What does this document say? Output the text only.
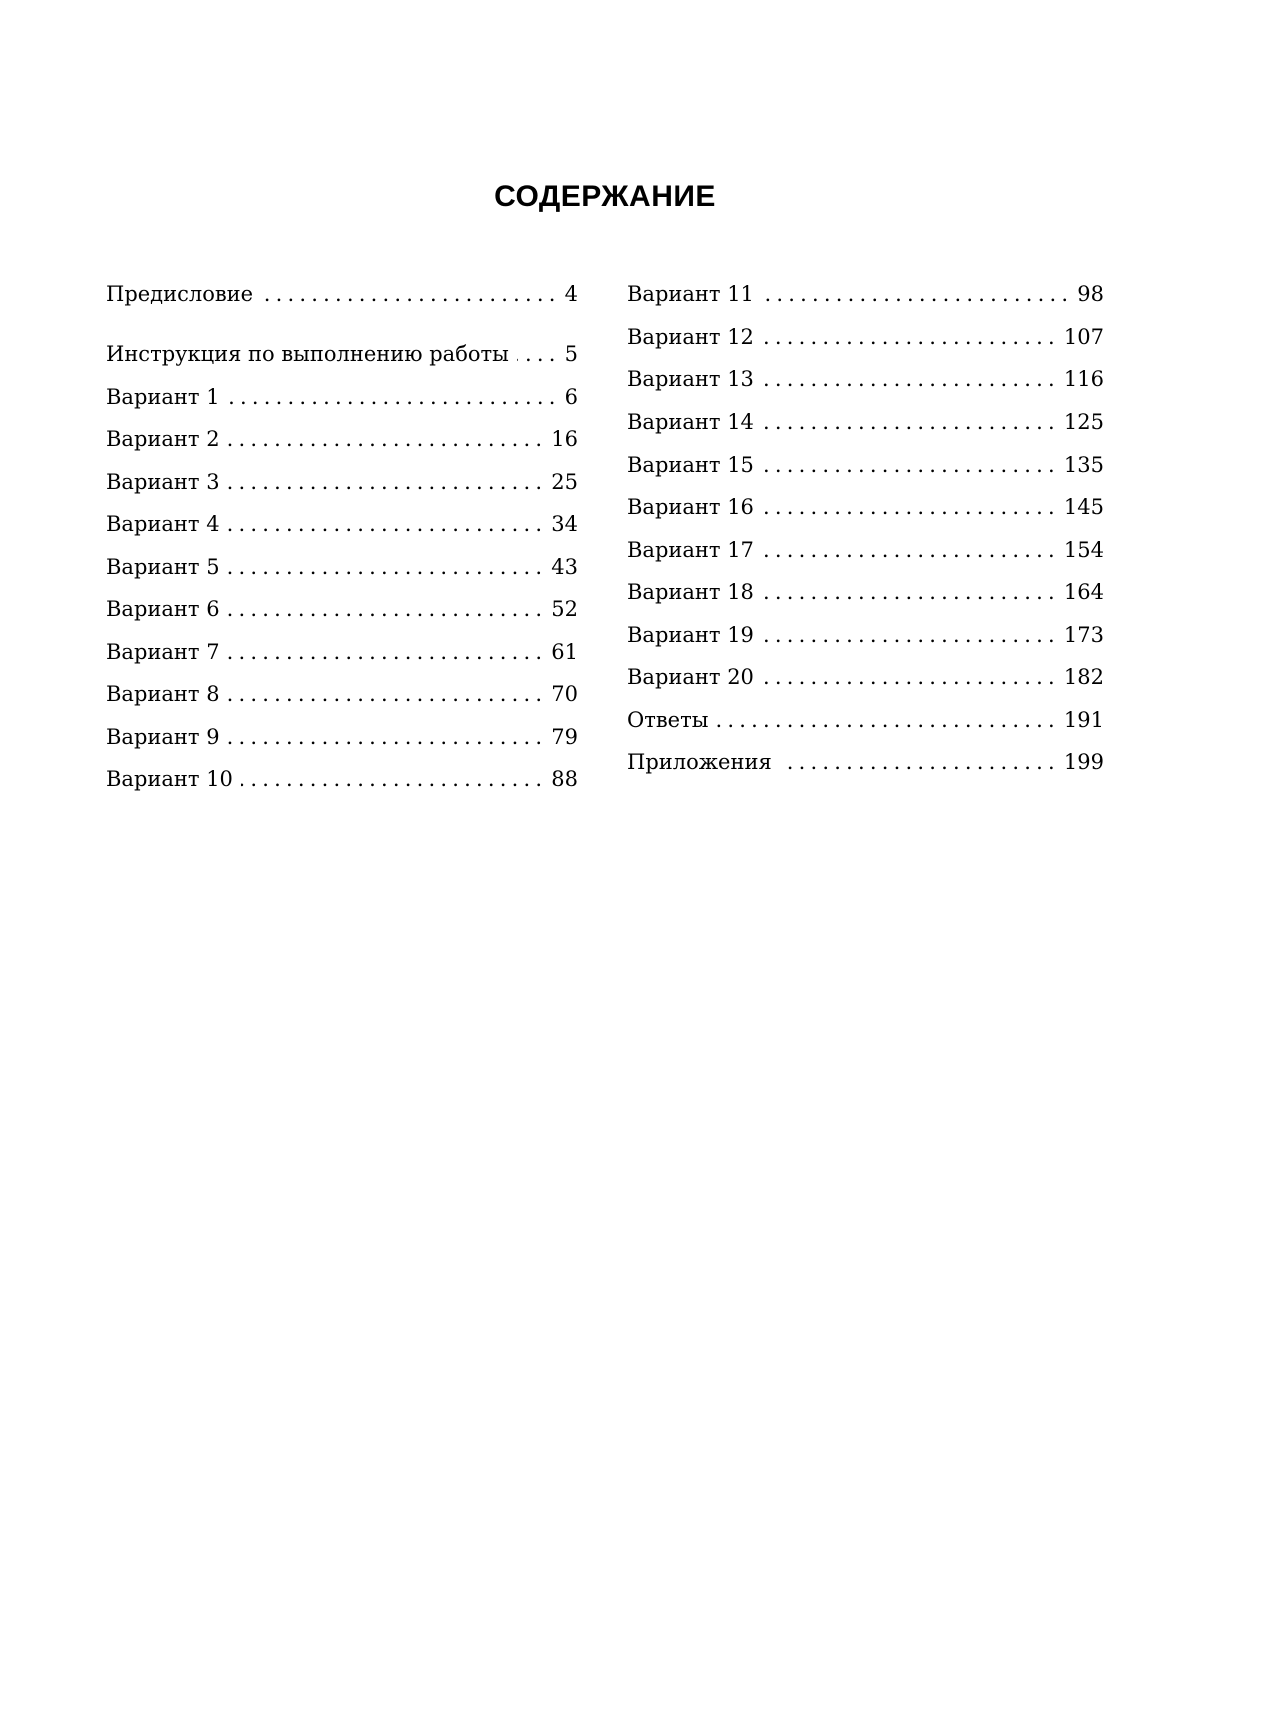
СОДЕРЖАНИЕ
Предисловие .....	4
Инструкция по выполнению работы .....	5
Вариант 1 .....	6
Вариант 2 .....	16
Вариант 3 .....	25
Вариант 4 .....	34
Вариант 5 .....	43
Вариант 6 .....	52
Вариант 7 .....	61
Вариант 8 .....	70
Вариант 9 .....	79
Вариант 10 .....	88
Вариант 11 .....	98
Вариант 12 .....	107
Вариант 13 .....	116
Вариант 14 .....	125
Вариант 15 .....	135
Вариант 16 .....	145
Вариант 17 .....	154
Вариант 18 .....	164
Вариант 19 .....	173
Вариант 20 .....	182
Ответы .....	191
Приложения .....	199
